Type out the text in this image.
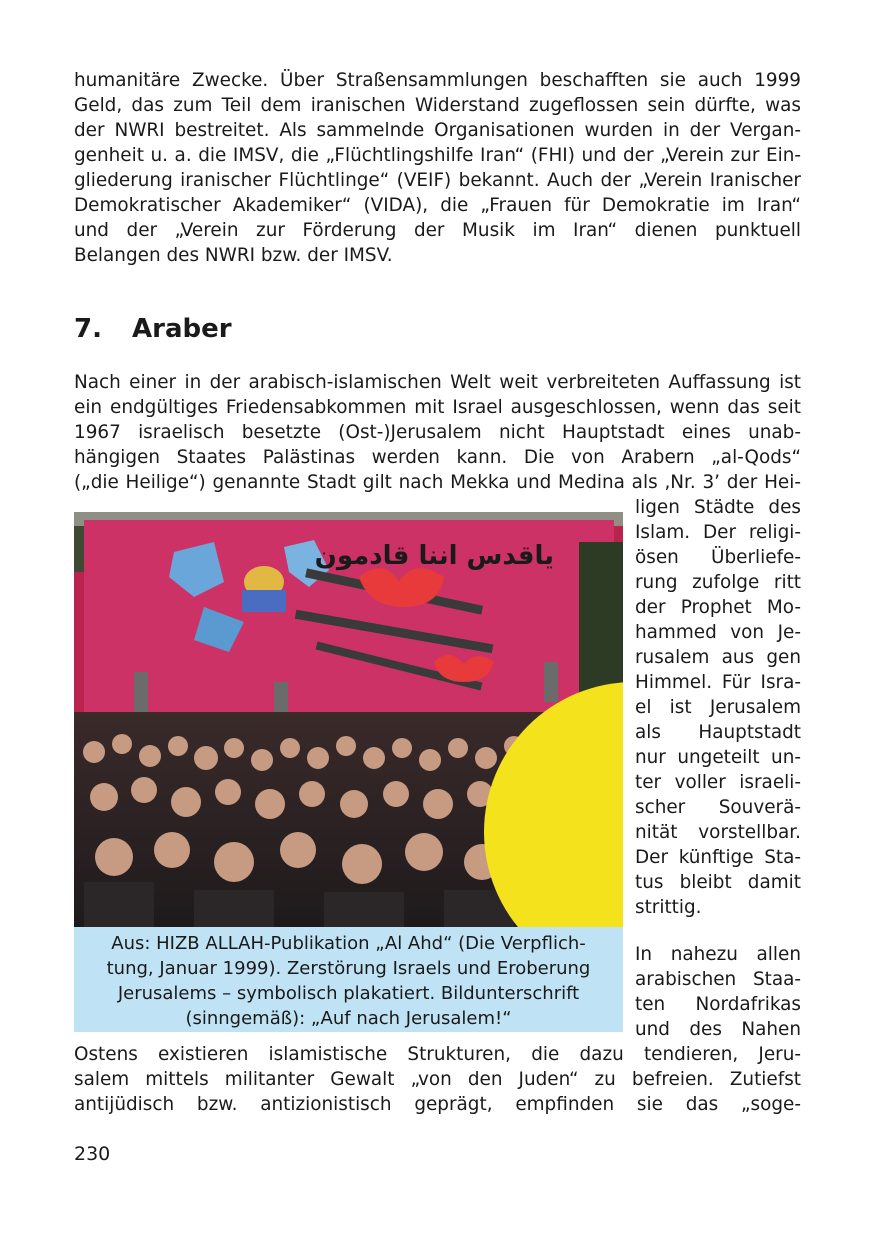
humanitäre Zwecke. Über Straßensammlungen beschafften sie auch 1999
Geld, das zum Teil dem iranischen Widerstand zugeflossen sein dürfte, was
der NWRI bestreitet. Als sammelnde Organisationen wurden in der Vergan-
genheit u. a. die IMSV, die „Flüchtlingshilfe Iran“ (FHI) und der „Verein zur Ein-
gliederung iranischer Flüchtlinge“ (VEIF) bekannt. Auch der „Verein Iranischer
Demokratischer Akademiker“ (VIDA), die „Frauen für Demokratie im Iran“
und der „Verein zur Förderung der Musik im Iran“ dienen punktuell
Belangen des NWRI bzw. der IMSV.
7. Araber
Nach einer in der arabisch-islamischen Welt weit verbreiteten Auffassung ist
ein endgültiges Friedensabkommen mit Israel ausgeschlossen, wenn das seit
1967 israelisch besetzte (Ost-)Jerusalem nicht Hauptstadt eines unab-
hängigen Staates Palästinas werden kann. Die von Arabern „al-Qods“
(„die Heilige“) genannte Stadt gilt nach Mekka und Medina als ‚Nr. 3’ der Hei-
ياقدس اننا قادمون
Aus: HIZB ALLAH-Publikation „Al Ahd“ (Die Verpflich-
tung, Januar 1999). Zerstörung Israels und Eroberung
Jerusalems – symbolisch plakatiert. Bildunterschrift
(sinngemäß): „Auf nach Jerusalem!“
ligen Städte des
Islam. Der religi-
ösen Überliefe-
rung zufolge ritt
der Prophet Mo-
hammed von Je-
rusalem aus gen
Himmel. Für Isra-
el ist Jerusalem
als Hauptstadt
nur ungeteilt un-
ter voller israeli-
scher Souverä-
nität vorstellbar.
Der künftige Sta-
tus bleibt damit
strittig.
In nahezu allen
arabischen Staa-
ten Nordafrikas
und des Nahen
Ostens existieren islamistische Strukturen, die dazu tendieren, Jeru-
salem mittels militanter Gewalt „von den Juden“ zu befreien. Zutiefst
antijüdisch bzw. antizionistisch geprägt, empfinden sie das „soge-
230
